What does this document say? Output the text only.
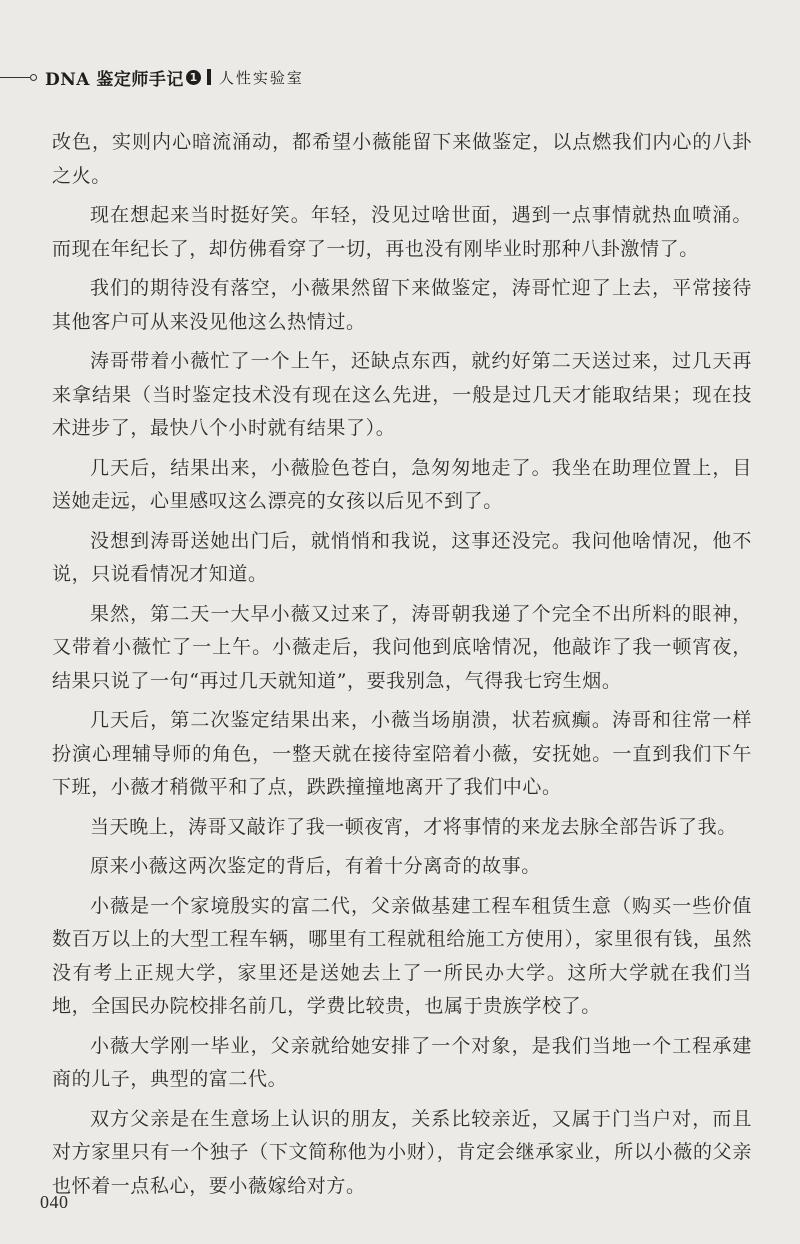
DNA 鉴定师手记 1 人性实验室

改色，实则内心暗流涌动，都希望小薇能留下来做鉴定，以点燃我们内心的八卦之火。

现在想起来当时挺好笑。年轻，没见过啥世面，遇到一点事情就热血喷涌。而现在年纪长了，却仿佛看穿了一切，再也没有刚毕业时那种八卦激情了。

我们的期待没有落空，小薇果然留下来做鉴定，涛哥忙迎了上去，平常接待其他客户可从来没见他这么热情过。

涛哥带着小薇忙了一个上午，还缺点东西，就约好第二天送过来，过几天再来拿结果（当时鉴定技术没有现在这么先进，一般是过几天才能取结果；现在技术进步了，最快八个小时就有结果了）。

几天后，结果出来，小薇脸色苍白，急匆匆地走了。我坐在助理位置上，目送她走远，心里感叹这么漂亮的女孩以后见不到了。

没想到涛哥送她出门后，就悄悄和我说，这事还没完。我问他啥情况，他不说，只说看情况才知道。

果然，第二天一大早小薇又过来了，涛哥朝我递了个完全不出所料的眼神，又带着小薇忙了一上午。小薇走后，我问他到底啥情况，他敲诈了我一顿宵夜，结果只说了一句“再过几天就知道”，要我别急，气得我七窍生烟。

几天后，第二次鉴定结果出来，小薇当场崩溃，状若疯癫。涛哥和往常一样扮演心理辅导师的角色，一整天就在接待室陪着小薇，安抚她。一直到我们下午下班，小薇才稍微平和了点，跌跌撞撞地离开了我们中心。

当天晚上，涛哥又敲诈了我一顿夜宵，才将事情的来龙去脉全部告诉了我。

原来小薇这两次鉴定的背后，有着十分离奇的故事。

小薇是一个家境殷实的富二代，父亲做基建工程车租赁生意（购买一些价值数百万以上的大型工程车辆，哪里有工程就租给施工方使用），家里很有钱，虽然没有考上正规大学，家里还是送她去上了一所民办大学。这所大学就在我们当地，全国民办院校排名前几，学费比较贵，也属于贵族学校了。

小薇大学刚一毕业，父亲就给她安排了一个对象，是我们当地一个工程承建商的儿子，典型的富二代。

双方父亲是在生意场上认识的朋友，关系比较亲近，又属于门当户对，而且对方家里只有一个独子（下文简称他为小财），肯定会继承家业，所以小薇的父亲也怀着一点私心，要小薇嫁给对方。

040
